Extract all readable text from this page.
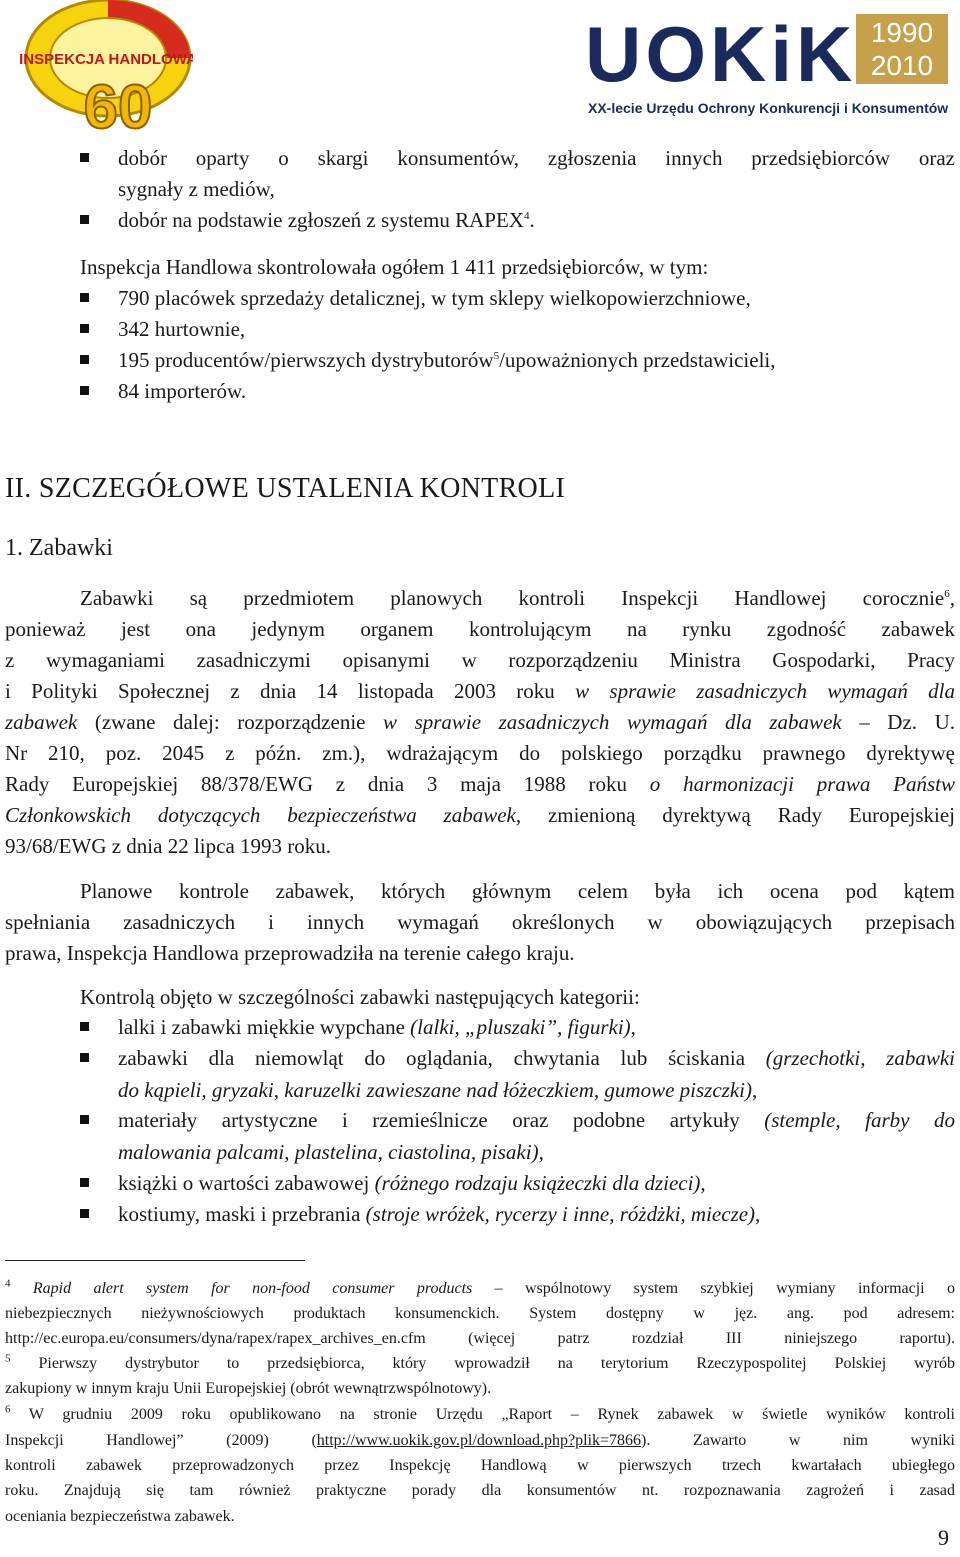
INSPEKCJA HANDLOWA
60
UOKiK 1990
2010
XX-lecie Urzędu Ochrony Konkurencji i Konsumentów
dobór oparty o skargi konsumentów, zgłoszenia innych przedsiębiorców oraz
sygnały z mediów,
dobór na podstawie zgłoszeń z systemu RAPEX$^4$.
Inspekcja Handlowa skontrolowała ogółem 1 411 przedsiębiorców, w tym:
790 placówek sprzedaży detalicznej, w tym sklepy wielkopowierzchniowe,
342 hurtownie,
195 producentów/pierwszych dystrybutorów$^5$/upoważnionych przedstawicieli,
84 importerów.
II. SZCZEGÓŁOWE USTALENIA KONTROLI
1. Zabawki
Zabawki są przedmiotem planowych kontroli Inspekcji Handlowej corocznie$^6$,
ponieważ jest ona jedynym organem kontrolującym na rynku zgodność zabawek
z wymaganiami zasadniczymi opisanymi w rozporządzeniu Ministra Gospodarki, Pracy
i Polityki Społecznej z dnia 14 listopada 2003 roku w sprawie zasadniczych wymagań dla
zabawek (zwane dalej: rozporządzenie w sprawie zasadniczych wymagań dla zabawek – Dz. U.
Nr 210, poz. 2045 z późn. zm.), wdrażającym do polskiego porządku prawnego dyrektywę
Rady Europejskiej 88/378/EWG z dnia 3 maja 1988 roku o harmonizacji prawa Państw
Członkowskich dotyczących bezpieczeństwa zabawek, zmienioną dyrektywą Rady Europejskiej
93/68/EWG z dnia 22 lipca 1993 roku.
Planowe kontrole zabawek, których głównym celem była ich ocena pod kątem
spełniania zasadniczych i innych wymagań określonych w obowiązujących przepisach
prawa, Inspekcja Handlowa przeprowadziła na terenie całego kraju.
Kontrolą objęto w szczególności zabawki następujących kategorii:
lalki i zabawki miękkie wypchane (lalki, „pluszaki”, figurki),
zabawki dla niemowląt do oglądania, chwytania lub ściskania (grzechotki, zabawki
do kąpieli, gryzaki, karuzelki zawieszane nad łóżeczkiem, gumowe piszczki),
materiały artystyczne i rzemieślnicze oraz podobne artykuły (stemple, farby do
malowania palcami, plastelina, ciastolina, pisaki),
książki o wartości zabawowej (różnego rodzaju książeczki dla dzieci),
kostiumy, maski i przebrania (stroje wróżek, rycerzy i inne, różdżki, miecze),
$^4$ Rapid alert system for non-food consumer products – wspólnotowy system szybkiej wymiany informacji o
niebezpiecznych nieżywnościowych produktach konsumenckich. System dostępny w jęz. ang. pod adresem:
http://ec.europa.eu/consumers/dyna/rapex/rapex_archives_en.cfm (więcej patrz rozdział III niniejszego raportu).
$^5$ Pierwszy dystrybutor to przedsiębiorca, który wprowadził na terytorium Rzeczypospolitej Polskiej wyrób
zakupiony w innym kraju Unii Europejskiej (obrót wewnątrzwspólnotowy).
$^6$ W grudniu 2009 roku opublikowano na stronie Urzędu „Raport – Rynek zabawek w świetle wyników kontroli
Inspekcji Handlowej” (2009) (http://www.uokik.gov.pl/download.php?plik=7866). Zawarto w nim wyniki
kontroli zabawek przeprowadzonych przez Inspekcję Handlową w pierwszych trzech kwartałach ubiegłego
roku. Znajdują się tam również praktyczne porady dla konsumentów nt. rozpoznawania zagrożeń i zasad
oceniania bezpieczeństwa zabawek.
9
